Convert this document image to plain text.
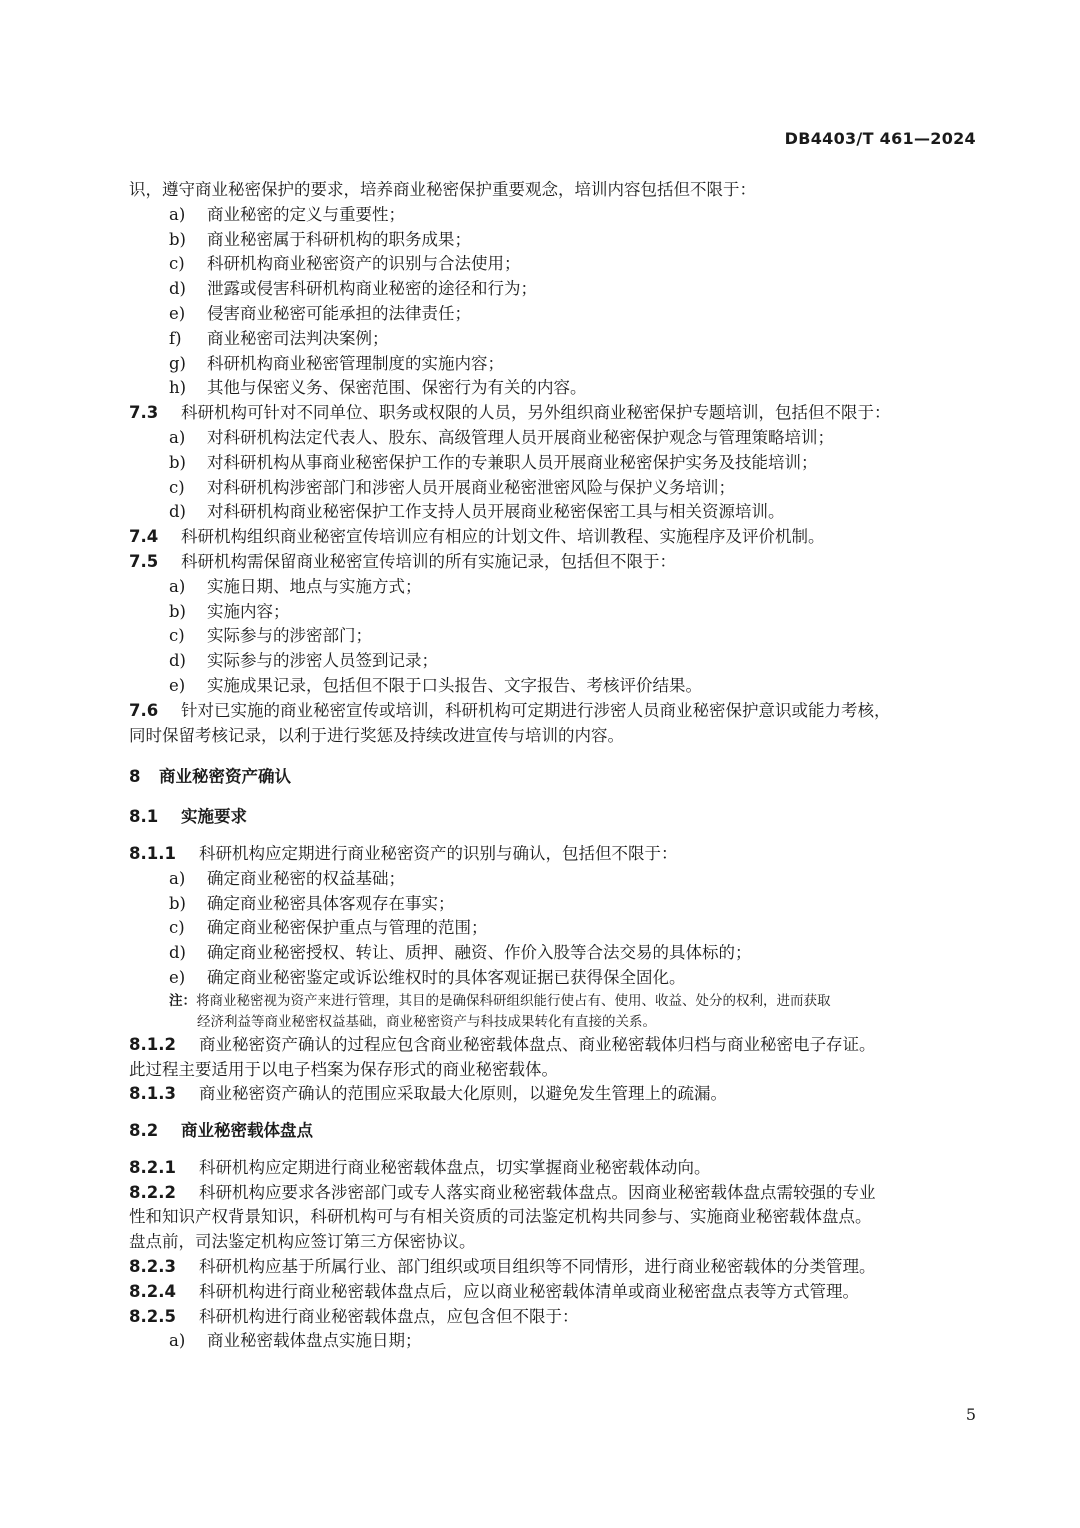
DB4403/T 461—2024
识，遵守商业秘密保护的要求，培养商业秘密保护重要观念，培训内容包括但不限于：
a) 商业秘密的定义与重要性；
b) 商业秘密属于科研机构的职务成果；
c) 科研机构商业秘密资产的识别与合法使用；
d) 泄露或侵害科研机构商业秘密的途径和行为；
e) 侵害商业秘密可能承担的法律责任；
f) 商业秘密司法判决案例；
g) 科研机构商业秘密管理制度的实施内容；
h) 其他与保密义务、保密范围、保密行为有关的内容。
7.3 科研机构可针对不同单位、职务或权限的人员，另外组织商业秘密保护专题培训，包括但不限于：
a) 对科研机构法定代表人、股东、高级管理人员开展商业秘密保护观念与管理策略培训；
b) 对科研机构从事商业秘密保护工作的专兼职人员开展商业秘密保护实务及技能培训；
c) 对科研机构涉密部门和涉密人员开展商业秘密泄密风险与保护义务培训；
d) 对科研机构商业秘密保护工作支持人员开展商业秘密保密工具与相关资源培训。
7.4 科研机构组织商业秘密宣传培训应有相应的计划文件、培训教程、实施程序及评价机制。
7.5 科研机构需保留商业秘密宣传培训的所有实施记录，包括但不限于：
a) 实施日期、地点与实施方式；
b) 实施内容；
c) 实际参与的涉密部门；
d) 实际参与的涉密人员签到记录；
e) 实施成果记录，包括但不限于口头报告、文字报告、考核评价结果。
7.6 针对已实施的商业秘密宣传或培训，科研机构可定期进行涉密人员商业秘密保护意识或能力考核，
同时保留考核记录，以利于进行奖惩及持续改进宣传与培训的内容。
8 商业秘密资产确认
8.1 实施要求
8.1.1 科研机构应定期进行商业秘密资产的识别与确认，包括但不限于：
a) 确定商业秘密的权益基础；
b) 确定商业秘密具体客观存在事实；
c) 确定商业秘密保护重点与管理的范围；
d) 确定商业秘密授权、转让、质押、融资、作价入股等合法交易的具体标的；
e) 确定商业秘密鉴定或诉讼维权时的具体客观证据已获得保全固化。
注：将商业秘密视为资产来进行管理，其目的是确保科研组织能行使占有、使用、收益、处分的权利，进而获取
经济利益等商业秘密权益基础，商业秘密资产与科技成果转化有直接的关系。
8.1.2 商业秘密资产确认的过程应包含商业秘密载体盘点、商业秘密载体归档与商业秘密电子存证。
此过程主要适用于以电子档案为保存形式的商业秘密载体。
8.1.3 商业秘密资产确认的范围应采取最大化原则，以避免发生管理上的疏漏。
8.2 商业秘密载体盘点
8.2.1 科研机构应定期进行商业秘密载体盘点，切实掌握商业秘密载体动向。
8.2.2 科研机构应要求各涉密部门或专人落实商业秘密载体盘点。因商业秘密载体盘点需较强的专业
性和知识产权背景知识，科研机构可与有相关资质的司法鉴定机构共同参与、实施商业秘密载体盘点。
盘点前，司法鉴定机构应签订第三方保密协议。
8.2.3 科研机构应基于所属行业、部门组织或项目组织等不同情形，进行商业秘密载体的分类管理。
8.2.4 科研机构进行商业秘密载体盘点后，应以商业秘密载体清单或商业秘密盘点表等方式管理。
8.2.5 科研机构进行商业秘密载体盘点，应包含但不限于：
a) 商业秘密载体盘点实施日期；
5
